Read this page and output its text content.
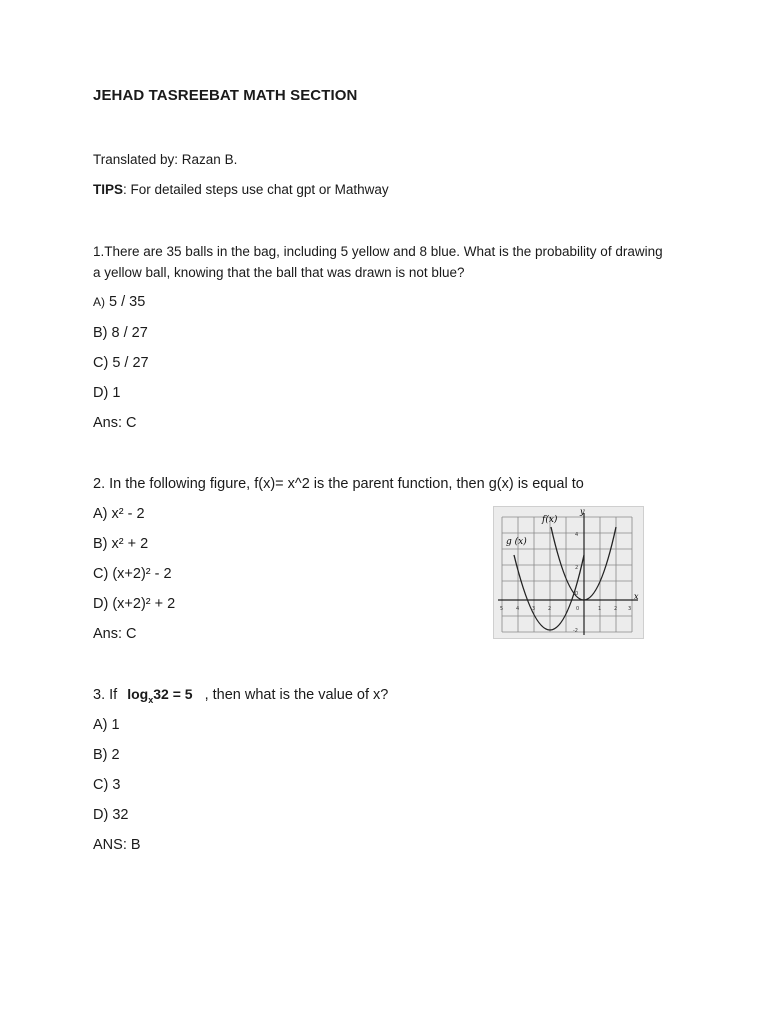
JEHAD TASREEBAT MATH SECTION

Translated by: Razan B.

TIPS: For detailed steps use chat gpt or Mathway

1.There are 35 balls in the bag, including 5 yellow and 8 blue. What is the probability of drawing a yellow ball, knowing that the ball that was drawn is not blue?

A) 5 / 35

B) 8 / 27

C) 5 / 27

D) 1

Ans: C

2. In the following figure, f(x)= x^2 is the parent function, then g(x) is equal to

A) x² - 2

B) x² + 2

C) (x+2)² - 2

D) (x+2)² + 2

Ans: C

f(x)
g (x)
x
y
5	4	3	2	0	1	2 3
4
2
0
-2

3. If $\log_x32 = 5$ , then what is the value of x?

A) 1

B) 2

C) 3

D) 32

ANS: B
